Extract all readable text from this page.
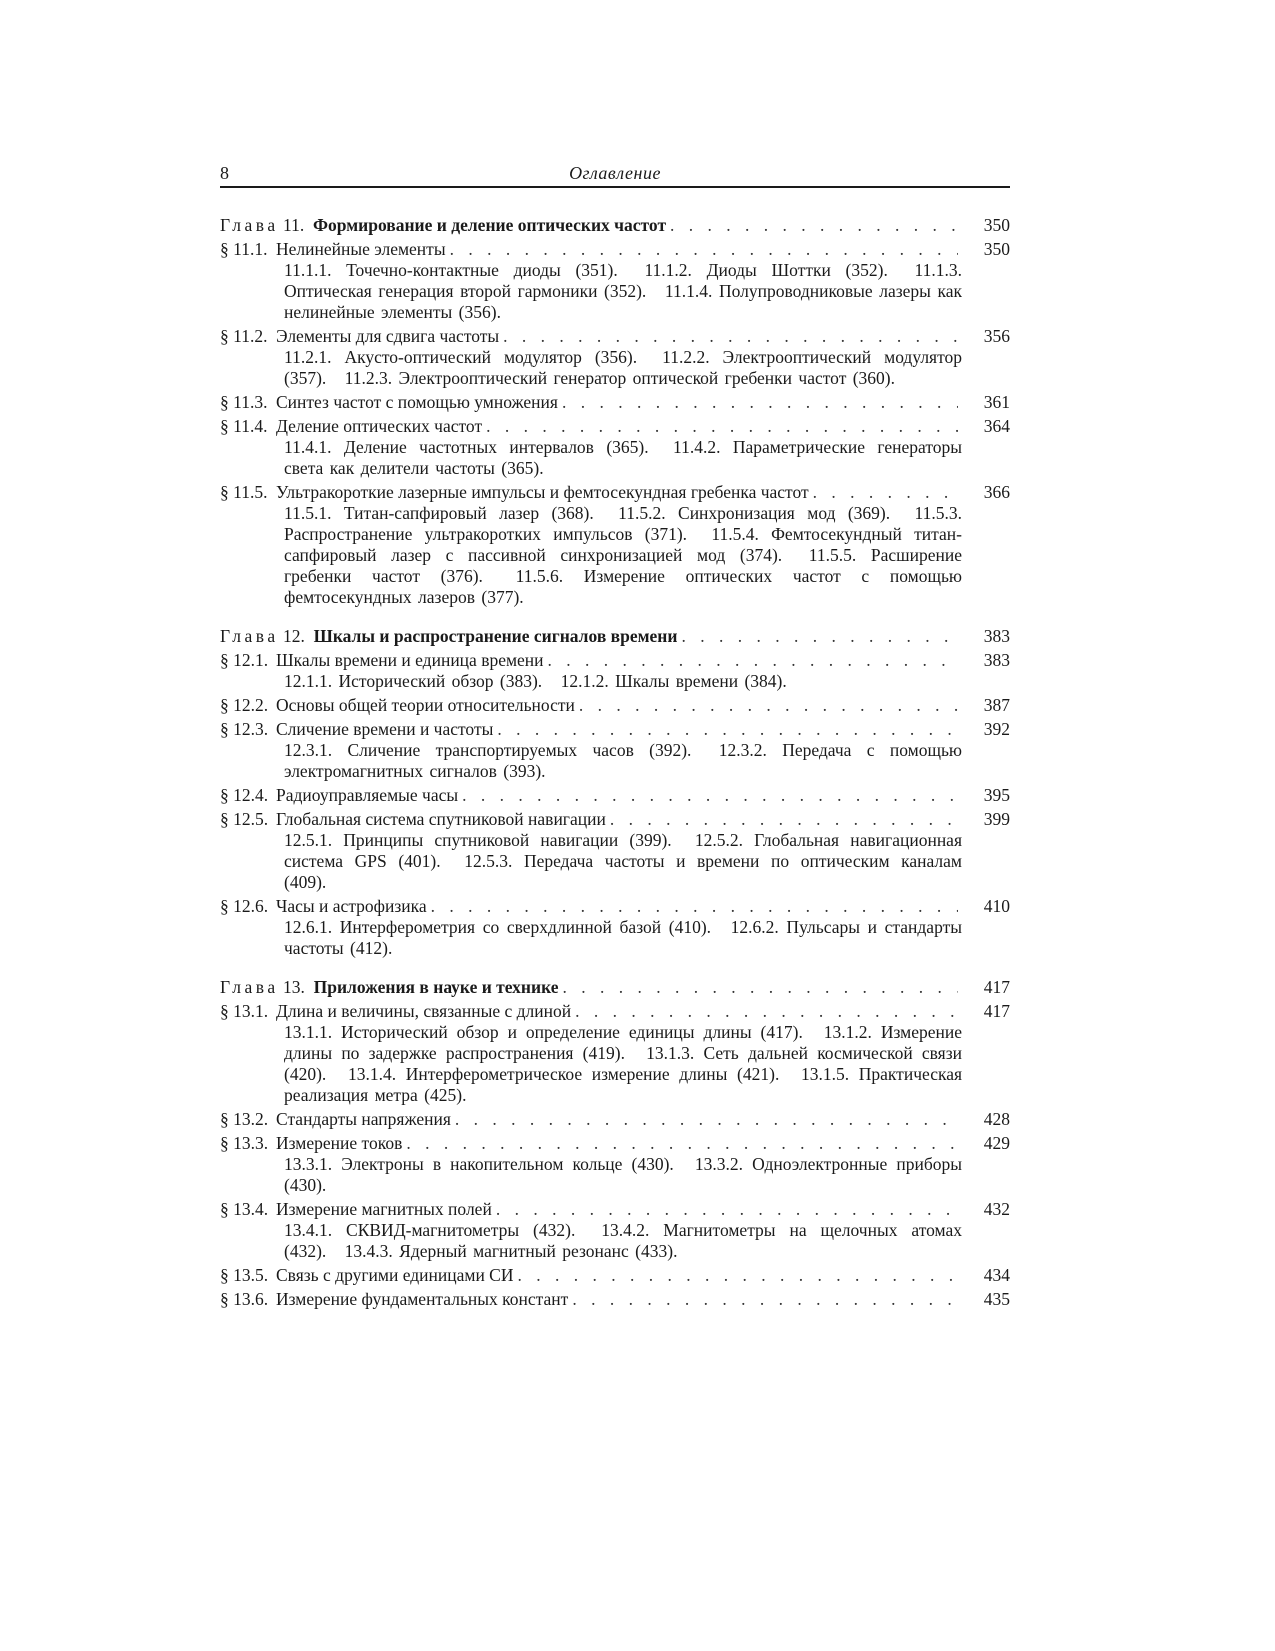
8	Оглавление
Глава 11. Формирование и деление оптических частот . . .	350
§ 11.1. Нелинейные элементы . . .	350
11.1.1. Точечно-контактные диоды (351). 11.1.2. Диоды Шоттки (352). 11.1.3. Оптическая генерация второй гармоники (352). 11.1.4. Полупроводниковые лазеры как нелинейные элементы (356).
§ 11.2. Элементы для сдвига частоты . . .	356
11.2.1. Акусто-оптический модулятор (356). 11.2.2. Электрооптический модулятор (357). 11.2.3. Электрооптический генератор оптической гребенки частот (360).
§ 11.3. Синтез частот с помощью умножения . . .	361
§ 11.4. Деление оптических частот . . .	364
11.4.1. Деление частотных интервалов (365). 11.4.2. Параметрические генераторы света как делители частоты (365).
§ 11.5. Ультракороткие лазерные импульсы и фемтосекундная гребенка частот . . .	366
11.5.1. Титан-сапфировый лазер (368). 11.5.2. Синхронизация мод (369). 11.5.3. Распространение ультракоротких импульсов (371). 11.5.4. Фемтосекундный титан-сапфировый лазер с пассивной синхронизацией мод (374). 11.5.5. Расширение гребенки частот (376). 11.5.6. Измерение оптических частот с помощью фемтосекундных лазеров (377).
Глава 12. Шкалы и распространение сигналов времени . . .	383
§ 12.1. Шкалы времени и единица времени . . .	383
12.1.1. Исторический обзор (383). 12.1.2. Шкалы времени (384).
§ 12.2. Основы общей теории относительности . . .	387
§ 12.3. Сличение времени и частоты . . .	392
12.3.1. Сличение транспортируемых часов (392). 12.3.2. Передача с помощью электромагнитных сигналов (393).
§ 12.4. Радиоуправляемые часы . . .	395
§ 12.5. Глобальная система спутниковой навигации . . .	399
12.5.1. Принципы спутниковой навигации (399). 12.5.2. Глобальная навигационная система GPS (401). 12.5.3. Передача частоты и времени по оптическим каналам (409).
§ 12.6. Часы и астрофизика . . .	410
12.6.1. Интерферометрия со сверхдлинной базой (410). 12.6.2. Пульсары и стандарты частоты (412).
Глава 13. Приложения в науке и технике . . .	417
§ 13.1. Длина и величины, связанные с длиной . . .	417
13.1.1. Исторический обзор и определение единицы длины (417). 13.1.2. Измерение длины по задержке распространения (419). 13.1.3. Сеть дальней космической связи (420). 13.1.4. Интерферометрическое измерение длины (421). 13.1.5. Практическая реализация метра (425).
§ 13.2. Стандарты напряжения . . .	428
§ 13.3. Измерение токов . . .	429
13.3.1. Электроны в накопительном кольце (430). 13.3.2. Одноэлектронные приборы (430).
§ 13.4. Измерение магнитных полей . . .	432
13.4.1. СКВИД-магнитометры (432). 13.4.2. Магнитометры на щелочных атомах (432). 13.4.3. Ядерный магнитный резонанс (433).
§ 13.5. Связь с другими единицами СИ . . .	434
§ 13.6. Измерение фундаментальных констант . . .	435
